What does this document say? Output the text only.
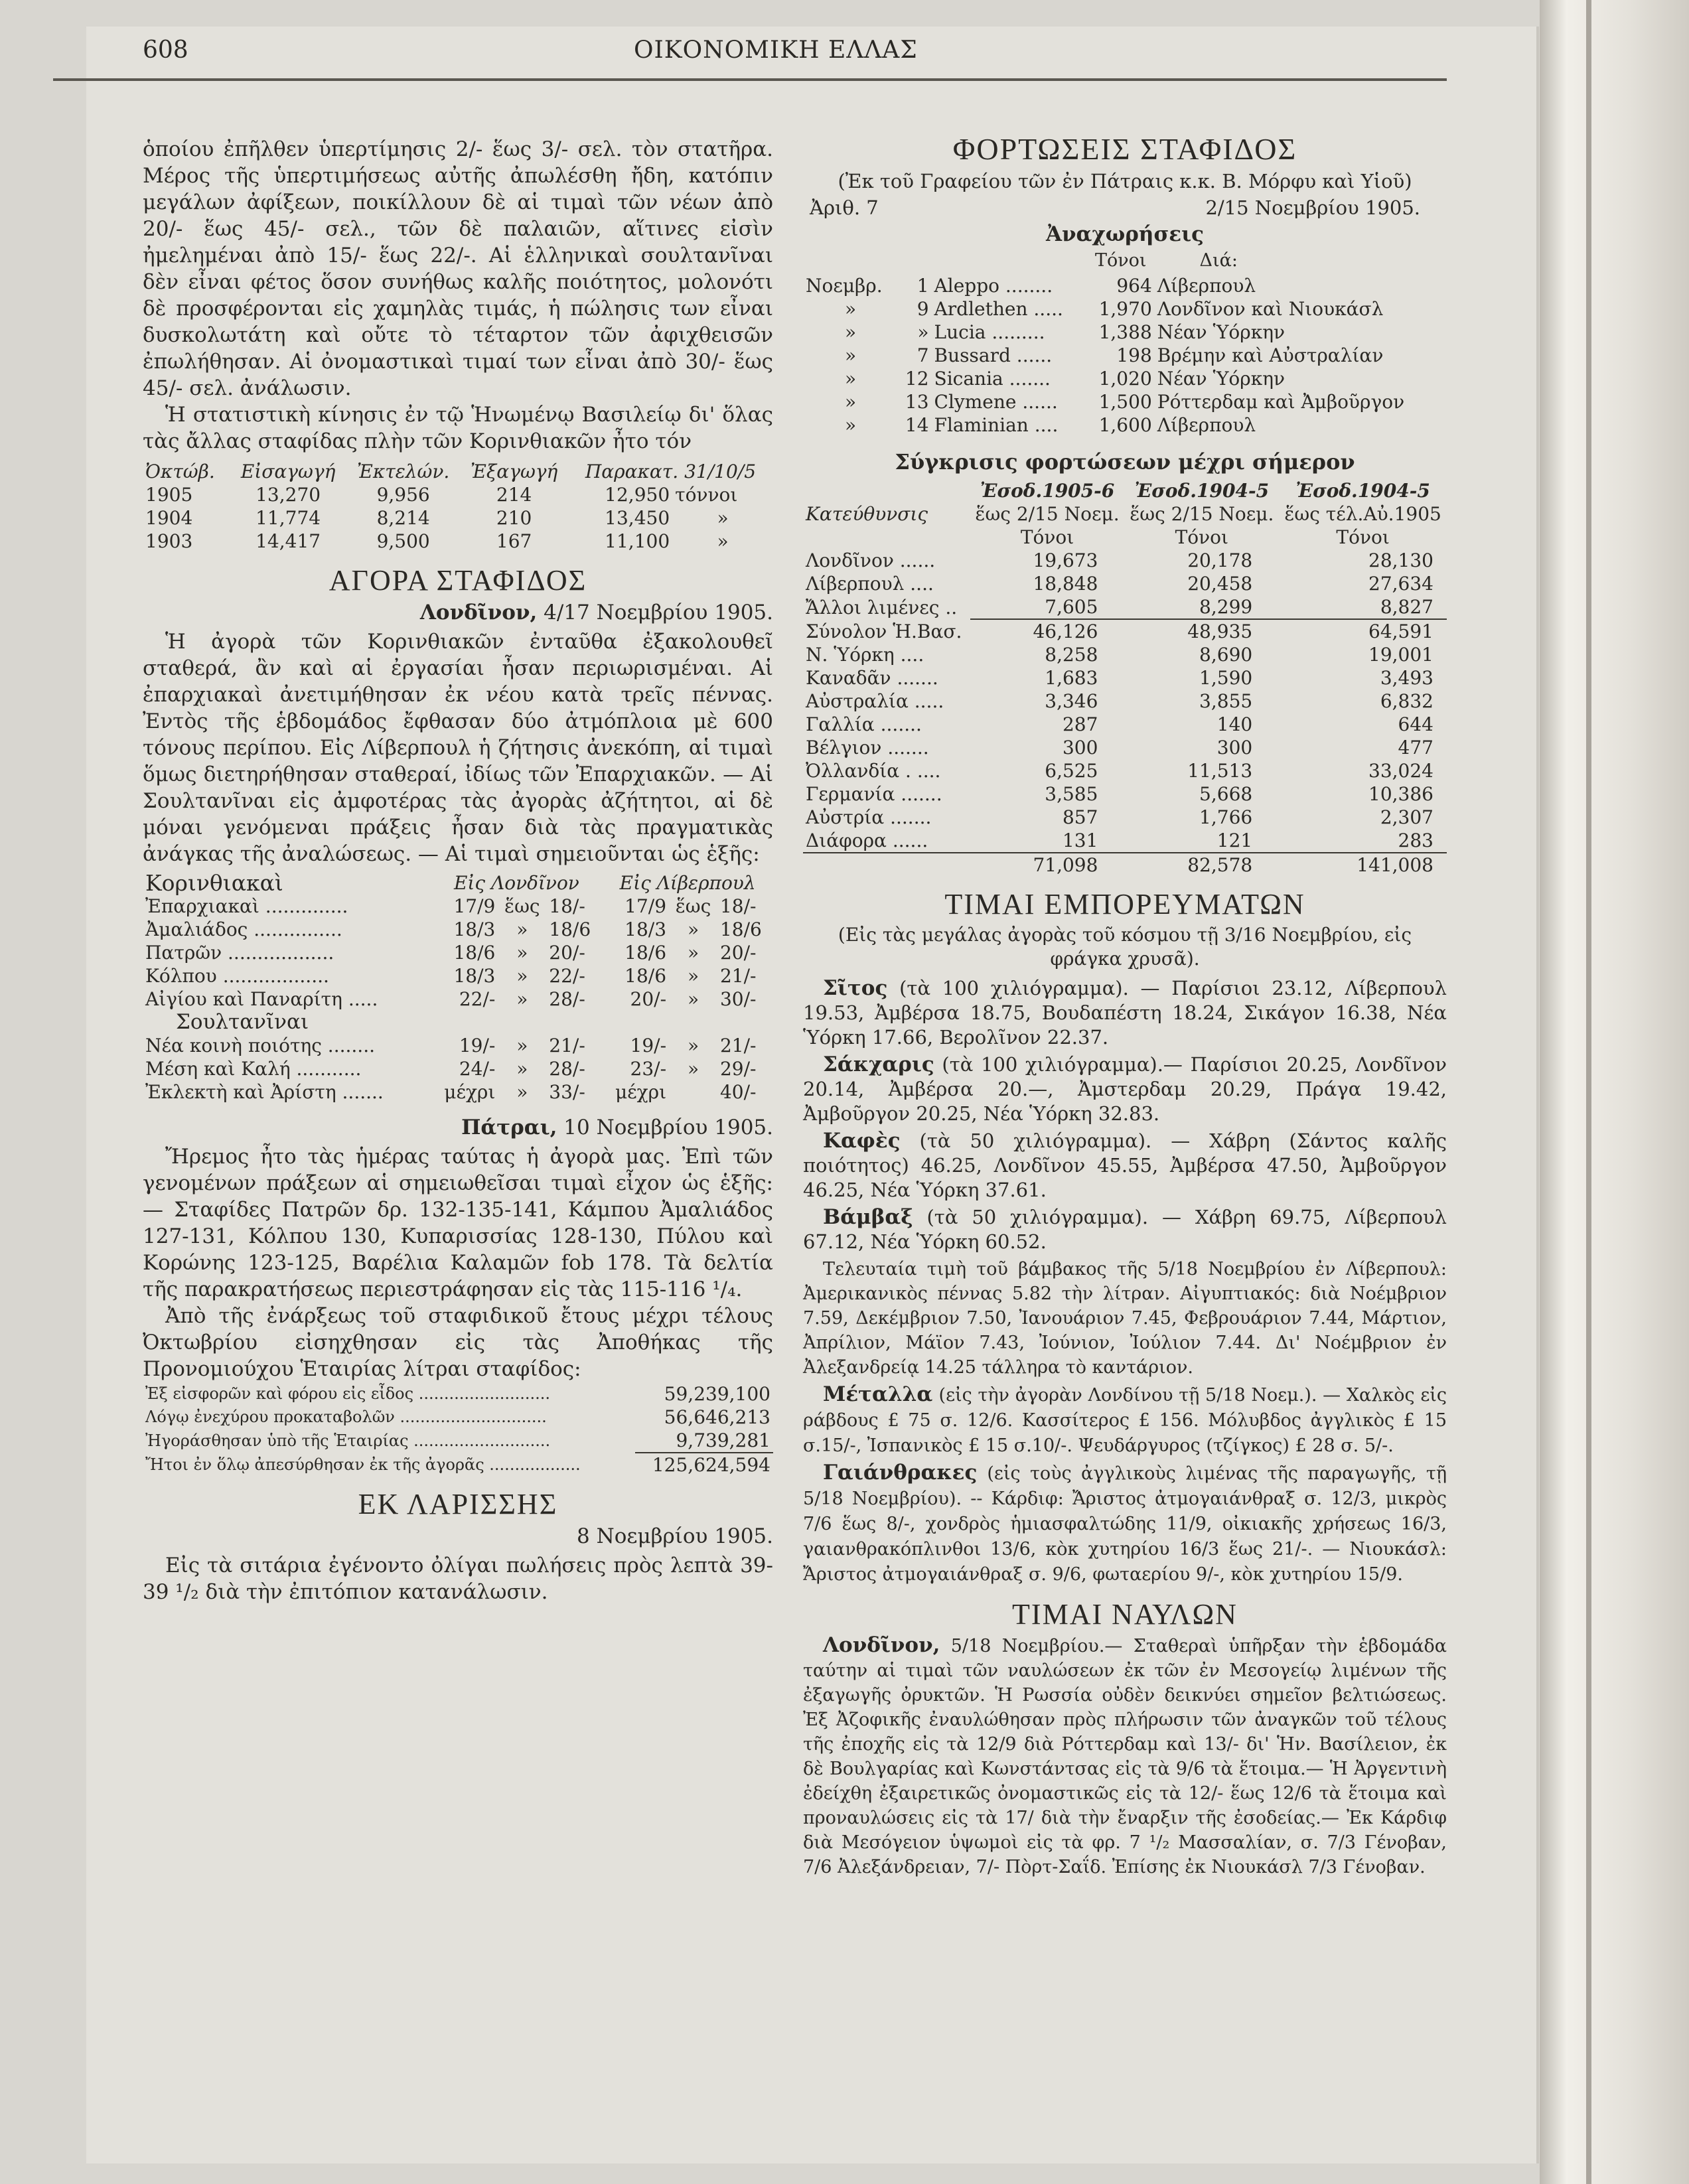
608	ΟΙΚΟΝΟΜΙΚΗ ΕΛΛΑΣ

ὁποίου ἐπῆλθεν ὑπερτίμησις 2/- ἕως 3/- σελ. τὸν στατῆρα. Μέρος τῆς ὑπερτιμήσεως αὐτῆς ἀπωλέσθη ἤδη, κατόπιν μεγάλων ἀφίξεων, ποικίλλουν δὲ αἱ τιμαὶ τῶν νέων ἀπὸ 20/- ἕως 45/- σελ., τῶν δὲ παλαιῶν, αἵτινες εἰσὶν ἠμελημέναι ἀπὸ 15/- ἕως 22/-. Αἱ ἑλληνικαὶ σουλτανῖναι δὲν εἶναι φέτος ὅσον συνήθως καλῆς ποιότητος, μολονότι δὲ προσφέρονται εἰς χαμηλὰς τιμάς, ἡ πώλησις των εἶναι δυσκολωτάτη καὶ οὔτε τὸ τέταρτον τῶν ἀφιχθεισῶν ἐπωλήθησαν. Αἱ ὀνομαστικαὶ τιμαί των εἶναι ἀπὸ 30/- ἕως 45/- σελ. ἀνάλωσιν.

Ἡ στατιστικὴ κίνησις ἐν τῷ Ἡνωμένῳ Βασιλείῳ δι' ὅλας τὰς ἄλλας σταφίδας πλὴν τῶν Κορινθιακῶν ἦτο τόν

Ὀκτώβ.	Εἰσαγωγή	Ἐκτελών.	Ἐξαγωγή	Παρακατ. 31/10/5	
1905	13,270	9,956	214	12,950	τόννοι
1904	11,774	8,214	210	13,450	»
1903	14,417	9,500	167	11,100	»
ΑΓΟΡΑ ΣΤΑΦΙΔΟΣ
Λονδῖνον, 4/17 Νοεμβρίου 1905.

Ἡ ἀγορὰ τῶν Κορινθιακῶν ἐνταῦθα ἐξακολουθεῖ σταθερά, ἂν καὶ αἱ ἐργασίαι ἦσαν περιωρισμέναι. Αἱ ἐπαρχιακαὶ ἀνετιμήθησαν ἐκ νέου κατὰ τρεῖς πέννας. Ἐντὸς τῆς ἑβδομάδος ἔφθασαν δύο ἀτμόπλοια μὲ 600 τόνους περίπου. Εἰς Λίβερπουλ ἡ ζήτησις ἀνεκόπη, αἱ τιμαὶ ὅμως διετηρήθησαν σταθεραί, ἰδίως τῶν Ἐπαρχιακῶν. — Αἱ Σουλτανῖναι εἰς ἀμφοτέρας τὰς ἀγορὰς ἀζήτητοι, αἱ δὲ μόναι γενόμεναι πράξεις ἦσαν διὰ τὰς πραγματικὰς ἀνάγκας τῆς ἀναλώσεως. — Αἱ τιμαὶ σημειοῦνται ὡς ἑξῆς:

Κορινθιακαὶ	Εἰς Λονδῖνον			Εἰς Λίβερπουλ		
Ἐπαρχιακαὶ ..............	17/9	ἕως	18/-	17/9	ἕως	18/-
Ἀμαλιάδος ...............	18/3	»	18/6	18/3	»	18/6
Πατρῶν ..................	18/6	»	20/-	18/6	»	20/-
Κόλπου ..................	18/3	»	22/-	18/6	»	21/-
Αἰγίου καὶ Παναρίτη .....	22/-	»	28/-	20/-	»	30/-
Σουλτανῖναι						
Νέα κοινὴ ποιότης ........	19/-	»	21/-	19/-	»	21/-
Μέση καὶ Καλή ...........	24/-	»	28/-	23/-	»	29/-
Ἐκλεκτὴ καὶ Ἀρίστη .......	μέχρι	»	33/-	μέχρι		40/-
Πάτραι, 10 Νοεμβρίου 1905.

Ἤρεμος ἦτο τὰς ἡμέρας ταύτας ἡ ἀγορὰ μας. Ἐπὶ τῶν γενομένων πράξεων αἱ σημειωθεῖσαι τιμαὶ εἶχον ὡς ἑξῆς: — Σταφίδες Πατρῶν δρ. 132-135-141, Κάμπου Ἀμαλιάδος 127-131, Κόλπου 130, Κυπαρισσίας 128-130, Πύλου καὶ Κορώνης 123-125, Βαρέλια Καλαμῶν fob 178. Τὰ δελτία τῆς παρακρατήσεως περιεστράφησαν εἰς τὰς 115-116 ¹/₄.

Ἀπὸ τῆς ἐνάρξεως τοῦ σταφιδικοῦ ἔτους μέχρι τέλους Ὀκτωβρίου εἰσηχθησαν εἰς τὰς Ἀποθήκας τῆς Προνομιούχου Ἑταιρίας λίτραι σταφίδος:

Ἐξ εἰσφορῶν καὶ φόρου εἰς εἶδος ..........................	59,239,100
Λόγῳ ἐνεχύρου προκαταβολῶν .............................	56,646,213
Ἠγοράσθησαν ὑπὸ τῆς Ἑταιρίας ...........................	9,739,281
Ἤτοι ἐν ὅλῳ ἀπεσύρθησαν ἐκ τῆς ἀγορᾶς ..................	125,624,594
ΕΚ ΛΑΡΙΣΣΗΣ
8 Νοεμβρίου 1905.

Εἰς τὰ σιτάρια ἐγένοντο ὀλίγαι πωλήσεις πρὸς λεπτὰ 39-39 ¹/₂ διὰ τὴν ἐπιτόπιον κατανάλωσιν.

ΦΟΡΤΩΣΕΙΣ ΣΤΑΦΙΔΟΣ
(Ἐκ τοῦ Γραφείου τῶν ἐν Πάτραις κ.κ. Β. Μόρφυ καὶ Υἱοῦ)
Ἀριθ. 7	2/15 Νοεμβρίου 1905.
Ἀναχωρήσεις
Τόνοι	Διά:
Νοεμβρ.	1	Aleppo ........	964	Λίβερπουλ
»	9	Ardlethen .....	1,970	Λονδῖνον καὶ Νιουκάσλ
»	»	Lucia .........	1,388	Νέαν Ὑόρκην
»	7	Bussard ......	198	Βρέμην καὶ Αὐστραλίαν
»	12	Sicania .......	1,020	Νέαν Ὑόρκην
»	13	Clymene ......	1,500	Ρόττερδαμ καὶ Ἀμβοῦργον
»	14	Flaminian ....	1,600	Λίβερπουλ
Σύγκρισις φορτώσεων μέχρι σήμερον
	Ἐσοδ.1905-6	Ἐσοδ.1904-5	Ἐσοδ.1904-5
Κατεύθυνσις	ἕως 2/15 Νοεμ.	ἕως 2/15 Νοεμ.	ἕως τέλ.Αὐ.1905
	Τόνοι	Τόνοι	Τόνοι
Λονδῖνον ......	19,673	20,178	28,130
Λίβερπουλ ....	18,848	20,458	27,634
Ἄλλοι λιμένες ..	7,605	8,299	8,827
Σύνολον Ἡ.Βασ.	46,126	48,935	64,591
Ν. Ὑόρκη ....	8,258	8,690	19,001
Καναδᾶν .......	1,683	1,590	3,493
Αὐστραλία .....	3,346	3,855	6,832
Γαλλία .......	287	140	644
Βέλγιον .......	300	300	477
Ὀλλανδία . ....	6,525	11,513	33,024
Γερμανία .......	3,585	5,668	10,386
Αὐστρία .......	857	1,766	2,307
Διάφορα ......	131	121	283
	71,098	82,578	141,008
ΤΙΜΑΙ ΕΜΠΟΡΕΥΜΑΤΩΝ
(Εἰς τὰς μεγάλας ἀγορὰς τοῦ κόσμου τῇ 3/16 Νοεμβρίου, εἰς φράγκα χρυσᾶ).

Σῖτος (τὰ 100 χιλιόγραμμα). — Παρίσιοι 23.12, Λίβερπουλ 19.53, Ἀμβέρσα 18.75, Βουδαπέστη 18.24, Σικάγον 16.38, Νέα Ὑόρκη 17.66, Βερολῖνον 22.37.

Σάκχαρις (τὰ 100 χιλιόγραμμα).— Παρίσιοι 20.25, Λονδῖνον 20.14, Ἀμβέρσα 20.—, Ἀμστερδαμ 20.29, Πράγα 19.42, Ἀμβοῦργον 20.25, Νέα Ὑόρκη 32.83.

Καφὲς (τὰ 50 χιλιόγραμμα). — Χάβρη (Σάντος καλῆς ποιότητος) 46.25, Λονδῖνον 45.55, Ἀμβέρσα 47.50, Ἀμβοῦργον 46.25, Νέα Ὑόρκη 37.61.

Βάμβαξ (τὰ 50 χιλιόγραμμα). — Χάβρη 69.75, Λίβερπουλ 67.12, Νέα Ὑόρκη 60.52.

Τελευταία τιμὴ τοῦ βάμβακος τῆς 5/18 Νοεμβρίου ἐν Λίβερπουλ: Ἀμερικανικὸς πέννας 5.82 τὴν λίτραν. Αἰγυπτιακός: διὰ Νοέμβριον 7.59, Δεκέμβριον 7.50, Ἰανουάριον 7.45, Φεβρουάριον 7.44, Μάρτιον, Ἀπρίλιον, Μάϊον 7.43, Ἰούνιον, Ἰούλιον 7.44. Δι' Νοέμβριον ἐν Ἀλεξανδρείᾳ 14.25 τάλληρα τὸ καντάριον.

Μέταλλα (εἰς τὴν ἀγορὰν Λονδίνου τῇ 5/18 Νοεμ.). — Χαλκὸς εἰς ράβδους £ 75 σ. 12/6. Κασσίτερος £ 156. Μόλυβδος ἀγγλικὸς £ 15 σ.15/-, Ἰσπανικὸς £ 15 σ.10/-. Ψευδάργυρος (τζίγκος) £ 28 σ. 5/-.

Γαιάνθρακες (εἰς τοὺς ἀγγλικοὺς λιμένας τῆς παραγωγῆς, τῇ 5/18 Νοεμβρίου). -- Κάρδιφ: Ἄριστος ἀτμογαιάνθραξ σ. 12/3, μικρὸς 7/6 ἕως 8/-, χονδρὸς ἡμιασφαλτώδης 11/9, οἰκιακῆς χρήσεως 16/3, γαιανθρακόπλινθοι 13/6, κὸκ χυτηρίου 16/3 ἕως 21/-. — Νιουκάσλ: Ἄριστος ἀτμογαιάνθραξ σ. 9/6, φωταερίου 9/-, κὸκ χυτηρίου 15/9.

ΤΙΜΑΙ ΝΑΥΛΩΝ

Λονδῖνον, 5/18 Νοεμβρίου.— Σταθεραὶ ὑπῆρξαν τὴν ἑβδομάδα ταύτην αἱ τιμαὶ τῶν ναυλώσεων ἐκ τῶν ἐν Μεσογείῳ λιμένων τῆς ἐξαγωγῆς ὀρυκτῶν. Ἡ Ρωσσία οὐδὲν δεικνύει σημεῖον βελτιώσεως. Ἐξ Ἀζοφικῆς ἐναυλώθησαν πρὸς πλήρωσιν τῶν ἀναγκῶν τοῦ τέλους τῆς ἐποχῆς εἰς τὰ 12/9 διὰ Ρόττερδαμ καὶ 13/- δι' Ἡν. Βασίλειον, ἐκ δὲ Βουλγαρίας καὶ Κωνστάντσας εἰς τὰ 9/6 τὰ ἕτοιμα.— Ἡ Ἀργεντινὴ ἐδείχθη ἐξαιρετικῶς ὀνομαστικῶς εἰς τὰ 12/- ἕως 12/6 τὰ ἕτοιμα καὶ προναυλώσεις εἰς τὰ 17/ διὰ τὴν ἔναρξιν τῆς ἐσοδείας.— Ἐκ Κάρδιφ διὰ Μεσόγειον ὑψωμοὶ εἰς τὰ φρ. 7 ¹/₂ Μασσαλίαν, σ. 7/3 Γένοβαν, 7/6 Ἀλεξάνδρειαν, 7/- Πὸρτ-Σαΐδ. Ἐπίσης ἐκ Νιουκάσλ 7/3 Γένοβαν.
